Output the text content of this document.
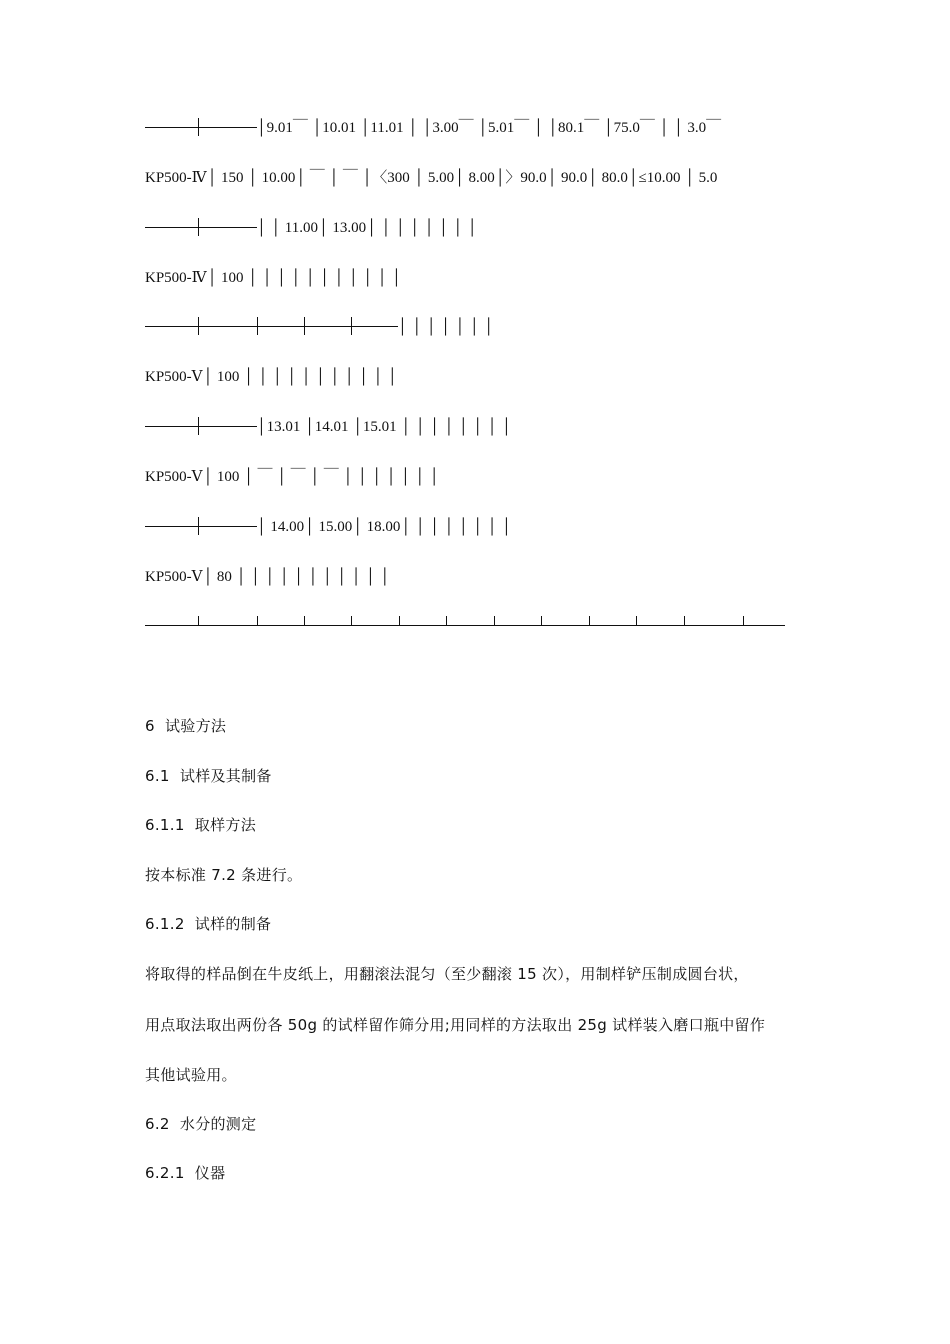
│9.01￣ │10.01 │11.01 │ │3.00￣ │5.01￣ │ │80.1￣ │75.0￣ │ │ 3.0￣
KP500-Ⅳ│ 150 │ 10.00│ ￣ │ ￣ │〈300 │ 5.00│ 8.00│〉90.0│ 90.0│ 80.0│≤10.00 │ 5.0
│ │ 11.00│ 13.00│ │ │ │ │ │ │ │
KP500-Ⅳ│ 100 │ │ │ │ │ │ │ │ │ │ │
│ │ │ │ │ │ │
KP500-Ⅴ│ 100 │ │ │ │ │ │ │ │ │ │ │
│13.01 │14.01 │15.01 │ │ │ │ │ │ │ │
KP500-Ⅴ│ 100 │ ￣ │ ￣ │ ￣ │ │ │ │ │ │ │
│ 14.00│ 15.00│ 18.00│ │ │ │ │ │ │ │
KP500-Ⅴ│ 80 │ │ │ │ │ │ │ │ │ │ │
6  试验方法
6.1  试样及其制备
6.1.1  取样方法
按本标准 7.2 条进行。
6.1.2  试样的制备
将取得的样品倒在牛皮纸上，用翻滚法混匀（至少翻滚 15 次），用制样铲压制成圆台状，
用点取法取出两份各 50g 的试样留作筛分用;用同样的方法取出 25g 试样装入磨口瓶中留作
其他试验用。
6.2  水分的测定
6.2.1  仪器
